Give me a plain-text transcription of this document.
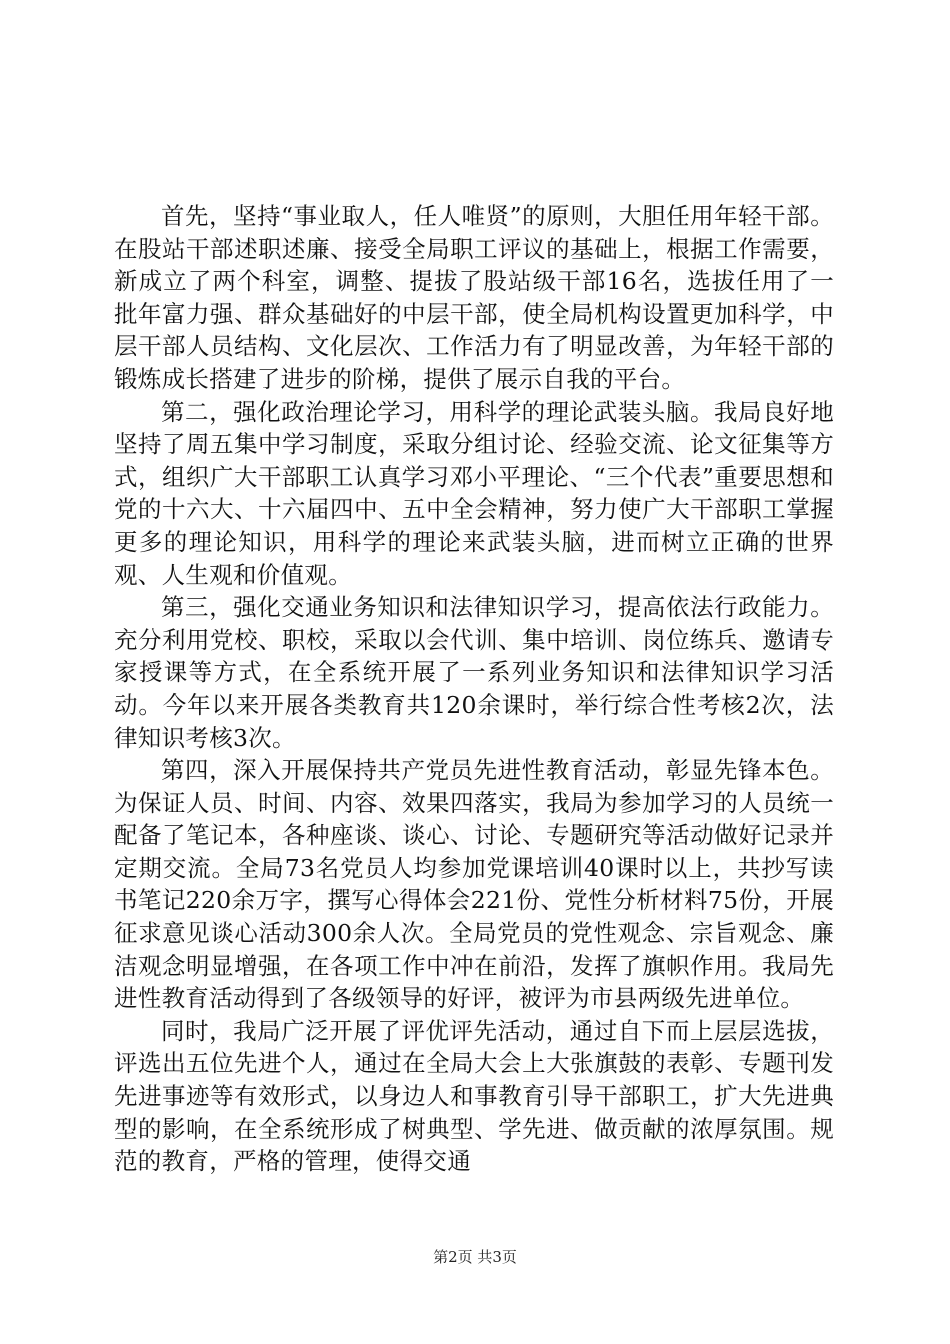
首先，坚持“事业取人，任人唯贤”的原则，大胆任用年轻干部。在股站干部述职述廉、接受全局职工评议的基础上，根据工作需要，新成立了两个科室，调整、提拔了股站级干部16名，选拔任用了一批年富力强、群众基础好的中层干部，使全局机构设置更加科学，中层干部人员结构、文化层次、工作活力有了明显改善，为年轻干部的锻炼成长搭建了进步的阶梯，提供了展示自我的平台。

第二，强化政治理论学习，用科学的理论武装头脑。我局良好地坚持了周五集中学习制度，采取分组讨论、经验交流、论文征集等方式，组织广大干部职工认真学习邓小平理论、“三个代表”重要思想和党的十六大、十六届四中、五中全会精神，努力使广大干部职工掌握更多的理论知识，用科学的理论来武装头脑，进而树立正确的世界观、人生观和价值观。

第三，强化交通业务知识和法律知识学习，提高依法行政能力。充分利用党校、职校，采取以会代训、集中培训、岗位练兵、邀请专家授课等方式，在全系统开展了一系列业务知识和法律知识学习活动。今年以来开展各类教育共120余课时，举行综合性考核2次，法律知识考核3次。

第四，深入开展保持共产党员先进性教育活动，彰显先锋本色。为保证人员、时间、内容、效果四落实，我局为参加学习的人员统一配备了笔记本，各种座谈、谈心、讨论、专题研究等活动做好记录并定期交流。全局73名党员人均参加党课培训40课时以上，共抄写读书笔记220余万字，撰写心得体会221份、党性分析材料75份，开展征求意见谈心活动300余人次。全局党员的党性观念、宗旨观念、廉洁观念明显增强，在各项工作中冲在前沿，发挥了旗帜作用。我局先进性教育活动得到了各级领导的好评，被评为市县两级先进单位。

同时，我局广泛开展了评优评先活动，通过自下而上层层选拔，评选出五位先进个人，通过在全局大会上大张旗鼓的表彰、专题刊发先进事迹等有效形式，以身边人和事教育引导干部职工，扩大先进典型的影响，在全系统形成了树典型、学先进、做贡献的浓厚氛围。规范的教育，严格的管理，使得交通

第2页 共3页
